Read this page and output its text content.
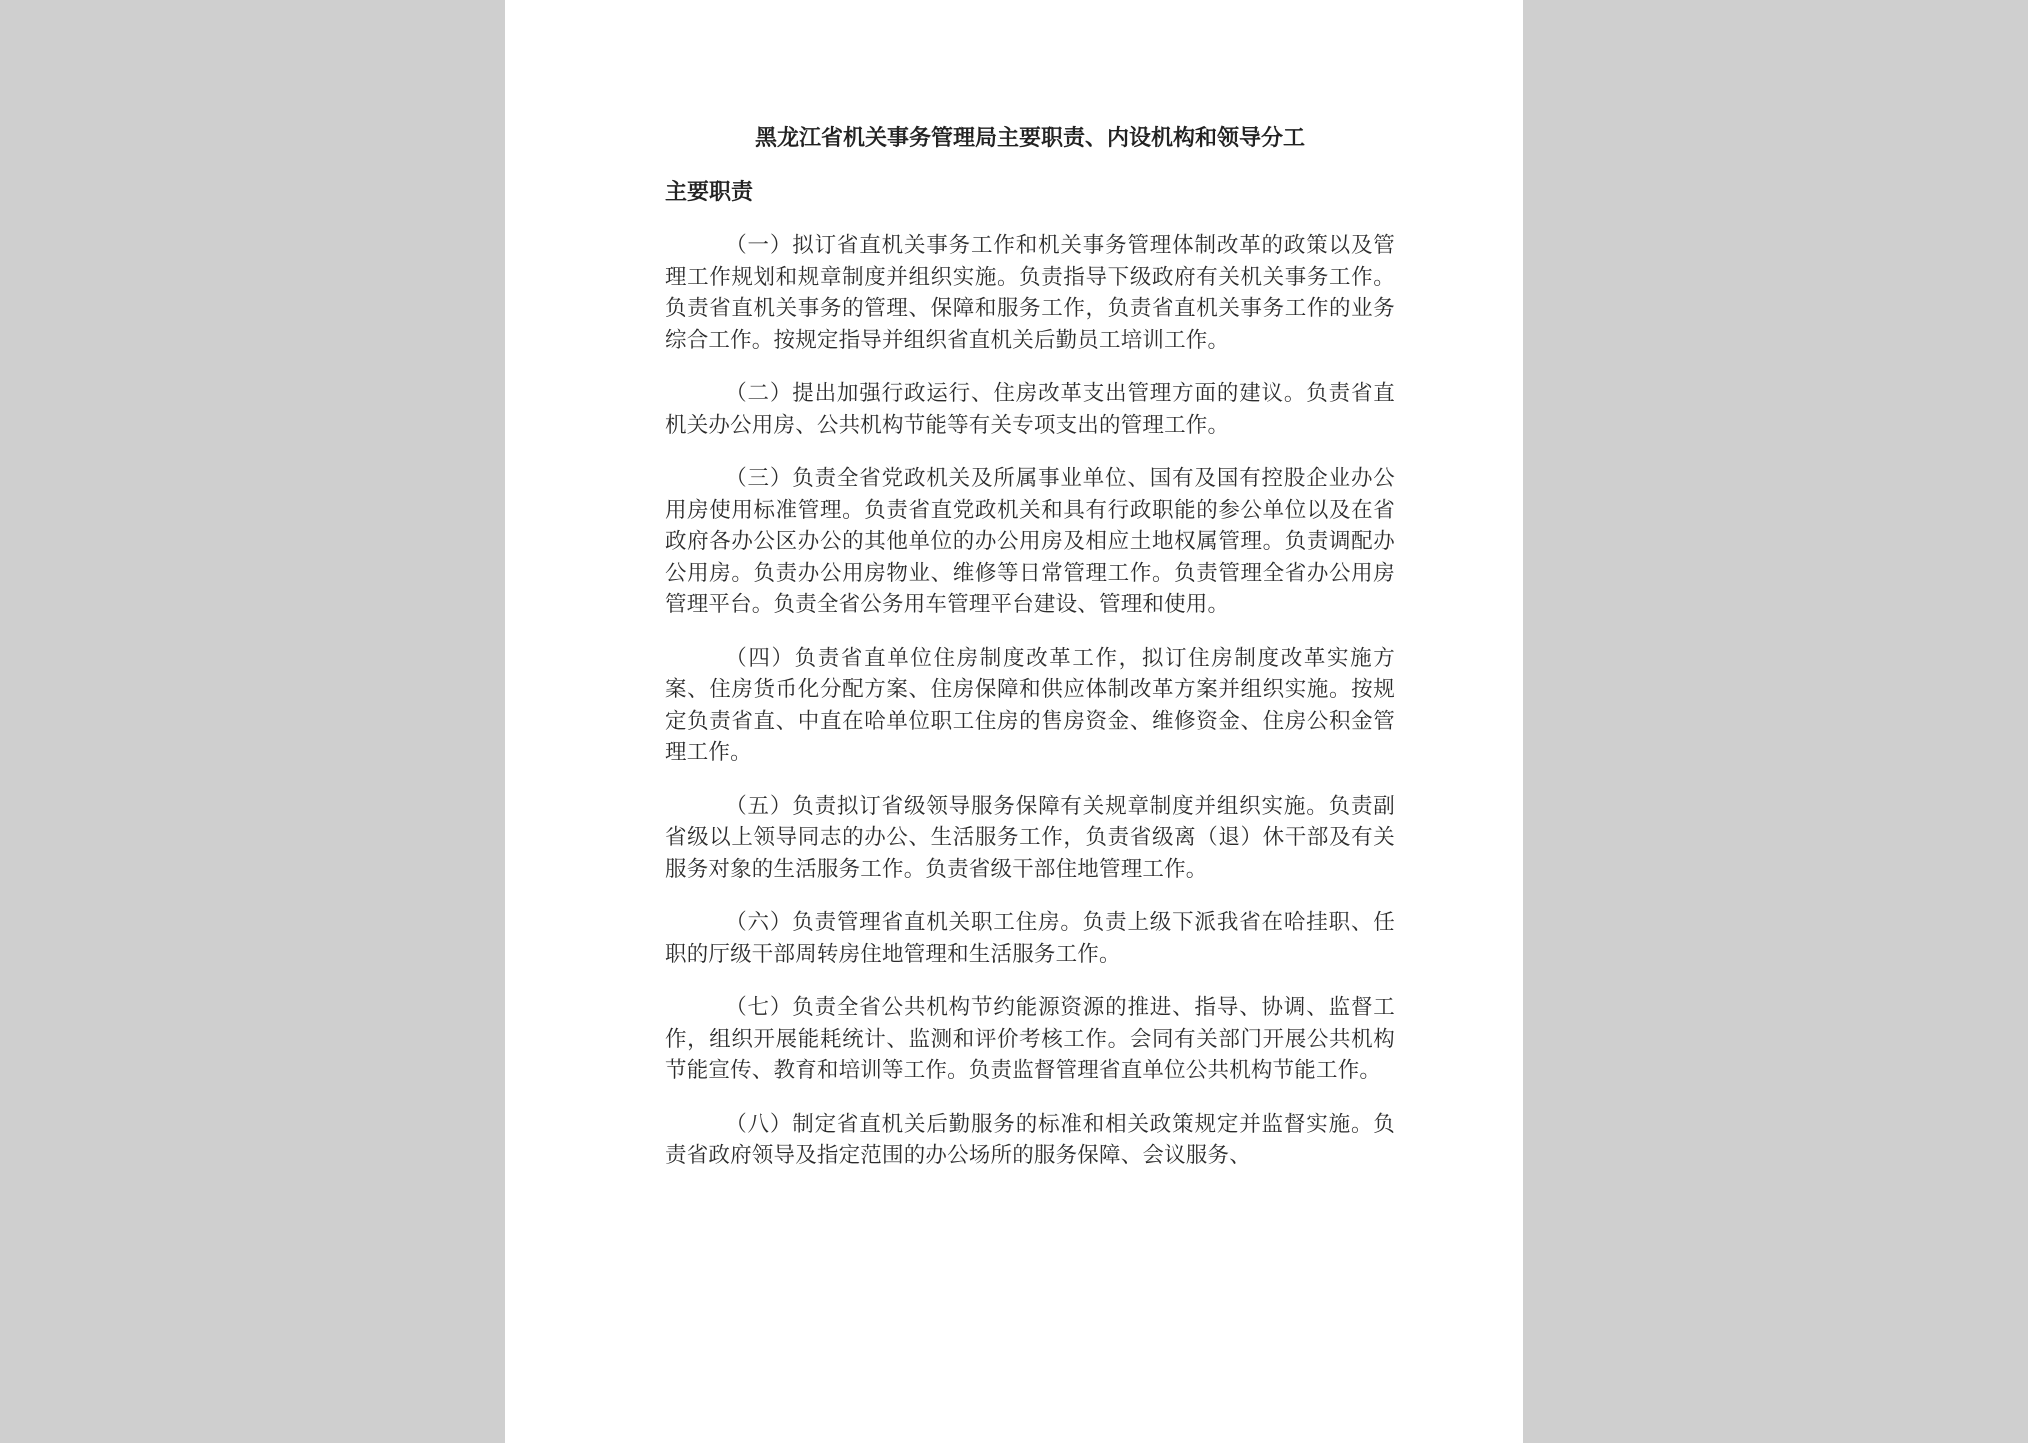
黑龙江省机关事务管理局主要职责、内设机构和领导分工
主要职责

（一）拟订省直机关事务工作和机关事务管理体制改革的政策以及管理工作规划和规章制度并组织实施。负责指导下级政府有关机关事务工作。负责省直机关事务的管理、保障和服务工作，负责省直机关事务工作的业务综合工作。按规定指导并组织省直机关后勤员工培训工作。

（二）提出加强行政运行、住房改革支出管理方面的建议。负责省直机关办公用房、公共机构节能等有关专项支出的管理工作。

（三）负责全省党政机关及所属事业单位、国有及国有控股企业办公用房使用标准管理。负责省直党政机关和具有行政职能的参公单位以及在省政府各办公区办公的其他单位的办公用房及相应土地权属管理。负责调配办公用房。负责办公用房物业、维修等日常管理工作。负责管理全省办公用房管理平台。负责全省公务用车管理平台建设、管理和使用。

（四）负责省直单位住房制度改革工作，拟订住房制度改革实施方案、住房货币化分配方案、住房保障和供应体制改革方案并组织实施。按规定负责省直、中直在哈单位职工住房的售房资金、维修资金、住房公积金管理工作。

（五）负责拟订省级领导服务保障有关规章制度并组织实施。负责副省级以上领导同志的办公、生活服务工作，负责省级离（退）休干部及有关服务对象的生活服务工作。负责省级干部住地管理工作。

（六）负责管理省直机关职工住房。负责上级下派我省在哈挂职、任职的厅级干部周转房住地管理和生活服务工作。

（七）负责全省公共机构节约能源资源的推进、指导、协调、监督工作，组织开展能耗统计、监测和评价考核工作。会同有关部门开展公共机构节能宣传、教育和培训等工作。负责监督管理省直单位公共机构节能工作。

（八）制定省直机关后勤服务的标准和相关政策规定并监督实施。负责省政府领导及指定范围的办公场所的服务保障、会议服务、
